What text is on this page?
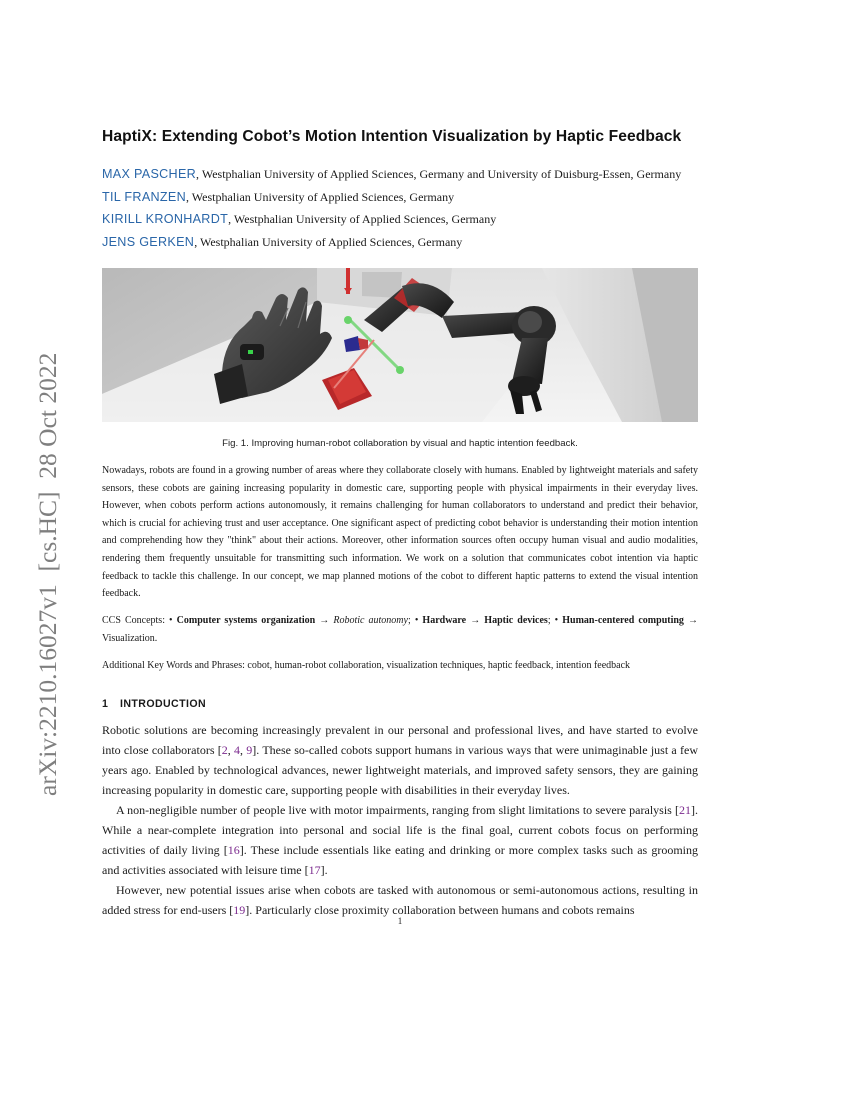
arXiv:2210.16027v1  [cs.HC]  28 Oct 2022
HaptiX: Extending Cobot’s Motion Intention Visualization by Haptic Feedback
MAX PASCHER, Westphalian University of Applied Sciences, Germany and University of Duisburg-Essen, Germany
TIL FRANZEN, Westphalian University of Applied Sciences, Germany
KIRILL KRONHARDT, Westphalian University of Applied Sciences, Germany
JENS GERKEN, Westphalian University of Applied Sciences, Germany
Fig. 1. Improving human-robot collaboration by visual and haptic intention feedback.

Nowadays, robots are found in a growing number of areas where they collaborate closely with humans. Enabled by lightweight materials and safety sensors, these cobots are gaining increasing popularity in domestic care, supporting people with physical impairments in their everyday lives. However, when cobots perform actions autonomously, it remains challenging for human collaborators to understand and predict their behavior, which is crucial for achieving trust and user acceptance. One significant aspect of predicting cobot behavior is understanding their motion intention and comprehending how they "think" about their actions. Moreover, other information sources often occupy human visual and audio modalities, rendering them frequently unsuitable for transmitting such information. We work on a solution that communicates cobot intention via haptic feedback to tackle this challenge. In our concept, we map planned motions of the cobot to different haptic patterns to extend the visual intention feedback.

CCS Concepts: • Computer systems organization → Robotic autonomy; • Hardware → Haptic devices; • Human-centered computing → Visualization.

Additional Key Words and Phrases: cobot, human-robot collaboration, visualization techniques, haptic feedback, intention feedback

1 INTRODUCTION

Robotic solutions are becoming increasingly prevalent in our personal and professional lives, and have started to evolve into close collaborators [2, 4, 9]. These so-called cobots support humans in various ways that were unimaginable just a few years ago. Enabled by technological advances, newer lightweight materials, and improved safety sensors, they are gaining increasing popularity in domestic care, supporting people with disabilities in their everyday lives.

A non-negligible number of people live with motor impairments, ranging from slight limitations to severe paralysis [21]. While a near-complete integration into personal and social life is the final goal, current cobots focus on performing activities of daily living [16]. These include essentials like eating and drinking or more complex tasks such as grooming and activities associated with leisure time [17].

However, new potential issues arise when cobots are tasked with autonomous or semi-autonomous actions, resulting in added stress for end-users [19]. Particularly close proximity collaboration between humans and cobots remains

1
